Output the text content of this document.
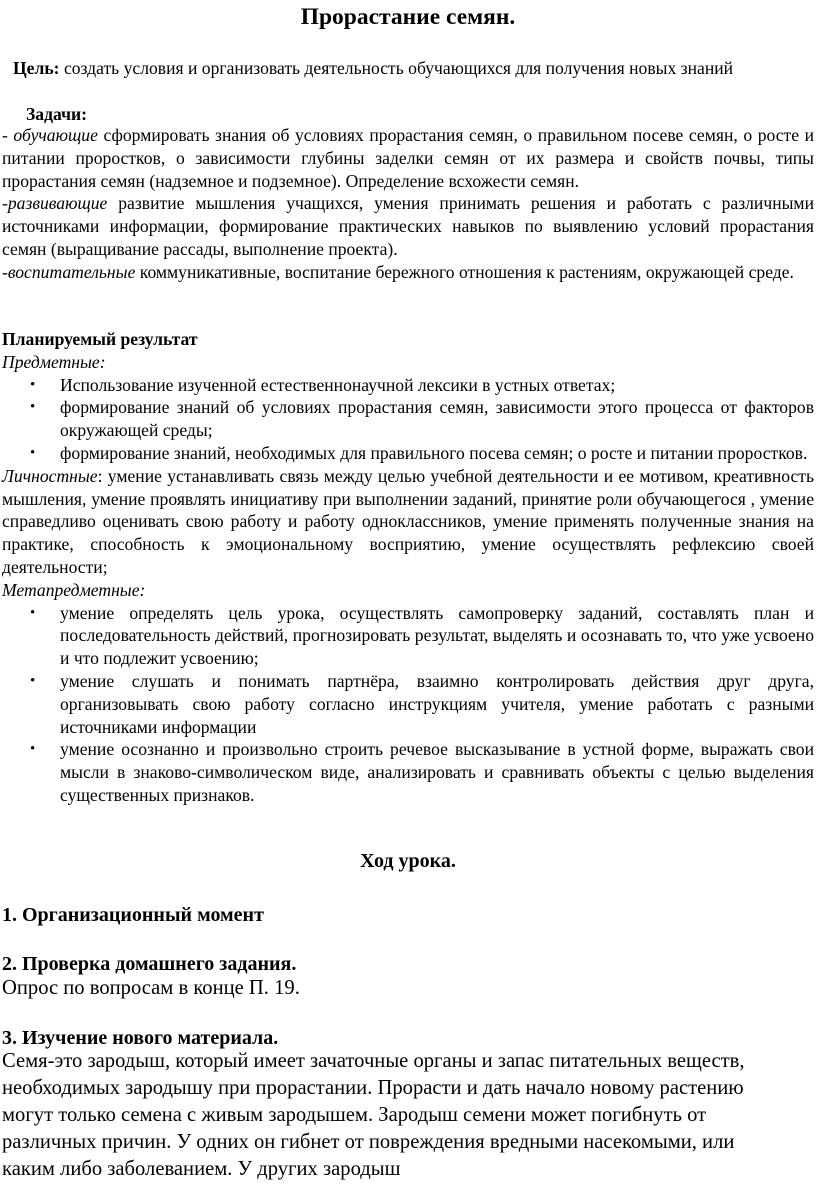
Прорастание семян.
Цель: создать условия и организовать деятельность обучающихся для получения новых знаний
Задачи:
- обучающие сформировать знания об условиях прорастания семян, о правильном посеве семян, о росте и питании проростков, о зависимости глубины заделки семян от их размера и свойств почвы, типы прорастания семян (надземное и подземное). Определение всхожести семян.
-развивающие развитие мышления учащихся, умения принимать решения и работать с различными источниками информации, формирование практических навыков по выявлению условий прорастания семян (выращивание рассады, выполнение проекта).
-воспитательные коммуникативные, воспитание бережного отношения к растениям, окружающей среде.
Планируемый результат
Предметные:
• Использование изученной естественнонаучной лексики в устных ответах;
• формирование знаний об условиях прорастания семян, зависимости этого процесса от факторов окружающей среды;
• формирование знаний, необходимых для правильного посева семян; о росте и питании проростков.
Личностные: умение устанавливать связь между целью учебной деятельности и ее мотивом, креативность мышления, умение проявлять инициативу при выполнении заданий, принятие роли обучающегося , умение справедливо оценивать свою работу и работу одноклассников, умение применять полученные знания на практике, способность к эмоциональному восприятию, умение осуществлять рефлексию своей деятельности;
Метапредметные:
• умение определять цель урока, осуществлять самопроверку заданий, составлять план и последовательность действий, прогнозировать результат, выделять и осознавать то, что уже усвоено и что подлежит усвоению;
• умение слушать и понимать партнёра, взаимно контролировать действия друг друга, организовывать свою работу согласно инструкциям учителя, умение работать с разными источниками информации
• умение осознанно и произвольно строить речевое высказывание в устной форме, выражать свои мысли в знаково-символическом виде, анализировать и сравнивать объекты с целью выделения существенных признаков.
Ход урока.
1. Организационный момент
2. Проверка домашнего задания.
Опрос по вопросам в конце П. 19.
3. Изучение нового материала.
Семя-это зародыш, который имеет зачаточные органы и запас питательных веществ, необходимых зародышу при прорастании. Прорасти и дать начало новому растению могут только семена с живым зародышем. Зародыш семени может погибнуть от различных причин. У одних он гибнет от повреждения вредными насекомыми, или каким либо заболеванием. У других зародыш
